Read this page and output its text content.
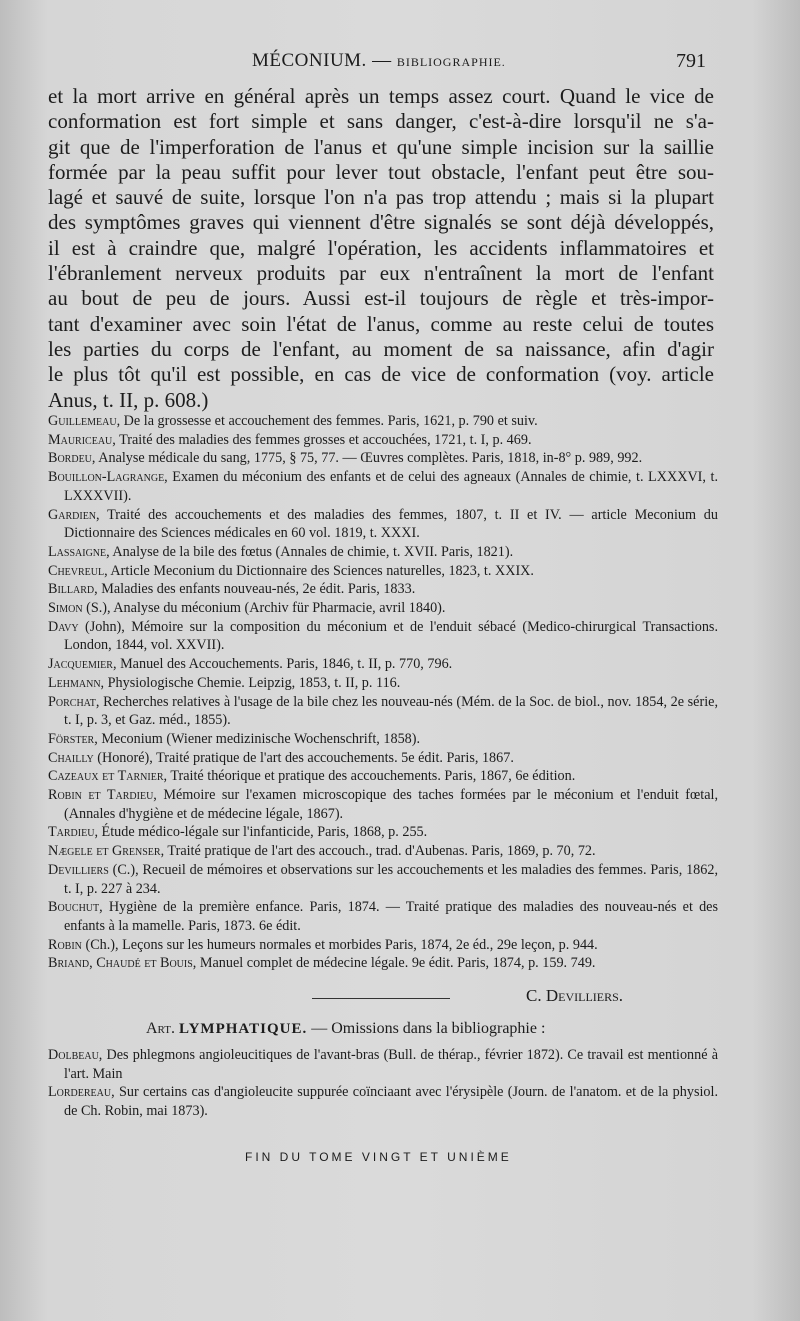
MÉCONIUM. — BIBLIOGRAPHIE.	791
et la mort arrive en général après un temps assez court. Quand le vice de
conformation est fort simple et sans danger, c'est-à-dire lorsqu'il ne s'a-
git que de l'imperforation de l'anus et qu'une simple incision sur la saillie
formée par la peau suffit pour lever tout obstacle, l'enfant peut être sou-
lagé et sauvé de suite, lorsque l'on n'a pas trop attendu ; mais si la plupart
des symptômes graves qui viennent d'être signalés se sont déjà développés,
il est à craindre que, malgré l'opération, les accidents inflammatoires et
l'ébranlement nerveux produits par eux n'entraînent la mort de l'enfant
au bout de peu de jours. Aussi est-il toujours de règle et très-impor-
tant d'examiner avec soin l'état de l'anus, comme au reste celui de toutes
les parties du corps de l'enfant, au moment de sa naissance, afin d'agir
le plus tôt qu'il est possible, en cas de vice de conformation (voy. article
Anus, t. II, p. 608.)
Guillemeau, De la grossesse et accouchement des femmes. Paris, 1621, p. 790 et suiv.
Mauriceau, Traité des maladies des femmes grosses et accouchées, 1721, t. I, p. 469.
Bordeu, Analyse médicale du sang, 1775, § 75, 77. — Œuvres complètes. Paris, 1818, in-8° p. 989, 992.
Bouillon-Lagrange, Examen du méconium des enfants et de celui des agneaux (Annales de chimie, t. LXXXVI, t. LXXXVII).
Gardien, Traité des accouchements et des maladies des femmes, 1807, t. II et IV. — article Meconium du Dictionnaire des Sciences médicales en 60 vol. 1819, t. XXXI.
Lassaigne, Analyse de la bile des fœtus (Annales de chimie, t. XVII. Paris, 1821).
Chevreul, Article Meconium du Dictionnaire des Sciences naturelles, 1823, t. XXIX.
Billard, Maladies des enfants nouveau-nés, 2e édit. Paris, 1833.
Simon (S.), Analyse du méconium (Archiv für Pharmacie, avril 1840).
Davy (John), Mémoire sur la composition du méconium et de l'enduit sébacé (Medico-chirurgical Transactions. London, 1844, vol. XXVII).
Jacquemier, Manuel des Accouchements. Paris, 1846, t. II, p. 770, 796.
Lehmann, Physiologische Chemie. Leipzig, 1853, t. II, p. 116.
Porchat, Recherches relatives à l'usage de la bile chez les nouveau-nés (Mém. de la Soc. de biol., nov. 1854, 2e série, t. I, p. 3, et Gaz. méd., 1855).
Förster, Meconium (Wiener medizinische Wochenschrift, 1858).
Chailly (Honoré), Traité pratique de l'art des accouchements. 5e édit. Paris, 1867.
Cazeaux et Tarnier, Traité théorique et pratique des accouchements. Paris, 1867, 6e édition.
Robin et Tardieu, Mémoire sur l'examen microscopique des taches formées par le méconium et l'enduit fœtal, (Annales d'hygiène et de médecine légale, 1867).
Tardieu, Étude médico-légale sur l'infanticide, Paris, 1868, p. 255.
Nægele et Grenser, Traité pratique de l'art des accouch., trad. d'Aubenas. Paris, 1869, p. 70, 72.
Devilliers (C.), Recueil de mémoires et observations sur les accouchements et les maladies des femmes. Paris, 1862, t. I, p. 227 à 234.
Bouchut, Hygiène de la première enfance. Paris, 1874. — Traité pratique des maladies des nouveau-nés et des enfants à la mamelle. Paris, 1873. 6e édit.
Robin (Ch.), Leçons sur les humeurs normales et morbides Paris, 1874, 2e éd., 29e leçon, p. 944.
Briand, Chaudé et Bouis, Manuel complet de médecine légale. 9e édit. Paris, 1874, p. 159. 749.
C. Devilliers.
Art. LYMPHATIQUE. — Omissions dans la bibliographie :
Dolbeau, Des phlegmons angioleucitiques de l'avant-bras (Bull. de thérap., février 1872). Ce travail est mentionné à l'art. Main
Lordereau, Sur certains cas d'angioleucite suppurée coïnciaant avec l'érysipèle (Journ. de l'anatom. et de la physiol. de Ch. Robin, mai 1873).
FIN DU TOME VINGT ET UNIÈME
